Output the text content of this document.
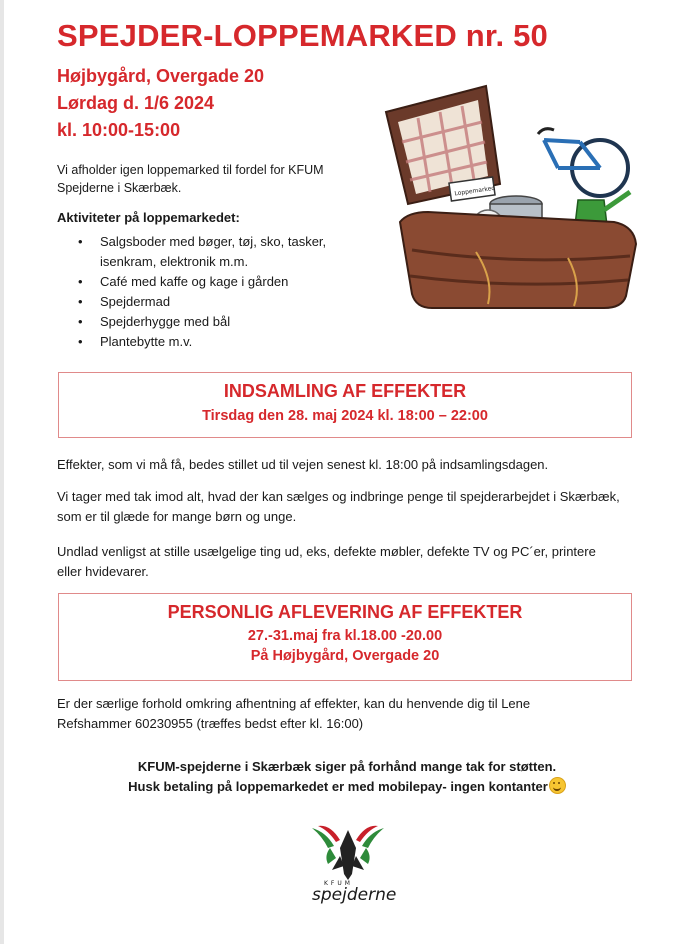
SPEJDER-LOPPEMARKED nr. 50
Højbygård, Overgade 20
Lørdag d. 1/6 2024
kl. 10:00-15:00
Vi afholder igen loppemarked til fordel for KFUM Spejderne i Skærbæk.
Aktiviteter på loppemarkedet:
• Salgsboder med bøger, tøj, sko, tasker, isenkram, elektronik m.m.
• Café med kaffe og kage i gården
• Spejdermad
• Spejderhygge med bål
• Plantebytte m.v.
Loppemarked
INDSAMLING AF EFFEKTER
Tirsdag den 28. maj 2024 kl. 18:00 – 22:00
Effekter, som vi må få, bedes stillet ud til vejen senest kl. 18:00 på indsamlingsdagen.
Vi tager med tak imod alt, hvad der kan sælges og indbringe penge til spejderarbejdet i Skærbæk, som er til glæde for mange børn og unge.
Undlad venligst at stille usælgelige ting ud, eks, defekte møbler, defekte TV og PC´er, printere eller hvidevarer.
PERSONLIG AFLEVERING AF EFFEKTER
27.-31.maj fra kl.18.00 -20.00
På Højbygård, Overgade 20
Er der særlige forhold omkring afhentning af effekter, kan du henvende dig til Lene Refshammer 60230955 (træffes bedst efter kl. 16:00)
KFUM-spejderne i Skærbæk siger på forhånd mange tak for støtten.
Husk betaling på loppemarkedet er med mobilepay- ingen kontanter
KFUM
spejderne
